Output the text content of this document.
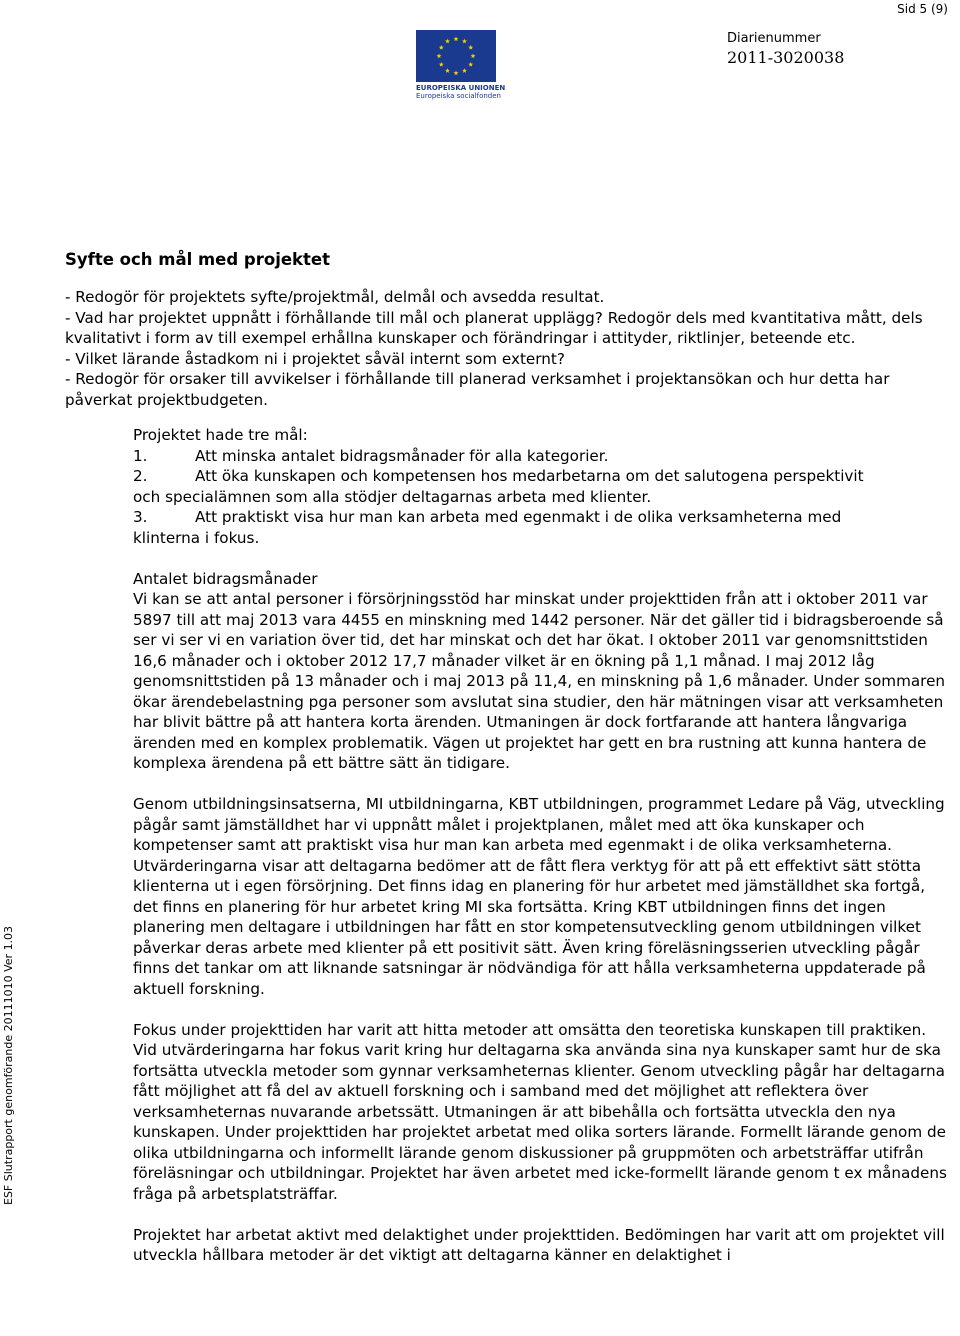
Sid 5 (9)
EUROPEISKA UNIONEN
Europeiska socialfonden
Diarienummer
2011-3020038
ESF Slutrapport genomförande 20111010 Ver 1.03
Syfte och mål med projektet

- Redogör för projektets syfte/projektmål, delmål och avsedda resultat.

- Vad har projektet uppnått i förhållande till mål och planerat upplägg? Redogör dels med kvantitativa mått, dels kvalitativt i form av till exempel erhållna kunskaper och förändringar i attityder, riktlinjer, beteende etc.

- Vilket lärande åstadkom ni i projektet såväl internt som externt?

- Redogör för orsaker till avvikelser i förhållande till planerad verksamhet i projektansökan och hur detta har påverkat projektbudgeten.

Projektet hade tre mål:
1.	Att minska antalet bidragsmånader för alla kategorier.
2.	Att öka kunskapen och kompetensen hos medarbetarna om det salutogena perspektivit

och specialämnen som alla stödjer deltagarnas arbeta med klienter.

3.	Att praktiskt visa hur man kan arbeta med egenmakt i de olika verksamheterna med

klinterna i fokus.

Antalet bidragsmånader

Vi kan se att antal personer i försörjningsstöd har minskat under projekttiden från att i oktober 2011 var 5897 till att maj 2013 vara 4455 en minskning med 1442 personer. När det gäller tid i bidragsberoende så ser vi ser vi en variation över tid, det har minskat och det har ökat. I oktober 2011 var genomsnittstiden 16,6 månader och i oktober 2012 17,7 månader vilket är en ökning på 1,1 månad. I maj 2012 låg genomsnittstiden på 13 månader och i maj 2013 på 11,4, en minskning på 1,6 månader. Under sommaren ökar ärendebelastning pga personer som avslutat sina studier, den här mätningen visar att verksamheten har blivit bättre på att hantera korta ärenden. Utmaningen är dock fortfarande att hantera långvariga ärenden med en komplex problematik. Vägen ut projektet har gett en bra rustning att kunna hantera de komplexa ärendena på ett bättre sätt än tidigare.

Genom utbildningsinsatserna, MI utbildningarna, KBT utbildningen, programmet Ledare på Väg, utveckling pågår samt jämställdhet har vi uppnått målet i projektplanen, målet med att öka kunskaper och kompetenser samt att praktiskt visa hur man kan arbeta med egenmakt i de olika verksamheterna. Utvärderingarna visar att deltagarna bedömer att de fått flera verktyg för att på ett effektivt sätt stötta klienterna ut i egen försörjning. Det finns idag en planering för hur arbetet med jämställdhet ska fortgå, det finns en planering för hur arbetet kring MI ska fortsätta. Kring KBT utbildningen finns det ingen planering men deltagare i utbildningen har fått en stor kompetensutveckling genom utbildningen vilket påverkar deras arbete med klienter på ett positivit sätt. Även kring föreläsningsserien utveckling pågår finns det tankar om att liknande satsningar är nödvändiga för att hålla verksamheterna uppdaterade på aktuell forskning.

Fokus under projekttiden har varit att hitta metoder att omsätta den teoretiska kunskapen till praktiken. Vid utvärderingarna har fokus varit kring hur deltagarna ska använda sina nya kunskaper samt hur de ska fortsätta utveckla metoder som gynnar verksamheternas klienter. Genom utveckling pågår har deltagarna fått möjlighet att få del av aktuell forskning och i samband med det möjlighet att reflektera över verksamheternas nuvarande arbetssätt. Utmaningen är att bibehålla och fortsätta utveckla den nya kunskapen. Under projekttiden har projektet arbetat med olika sorters lärande. Formellt lärande genom de olika utbildningarna och informellt lärande genom diskussioner på gruppmöten och arbetsträffar utifrån föreläsningar och utbildningar. Projektet har även arbetet med icke-formellt lärande genom t ex månadens fråga på arbetsplatsträffar.

Projektet har arbetat aktivt med delaktighet under projekttiden. Bedömingen har varit att om projektet vill utveckla hållbara metoder är det viktigt att deltagarna känner en delaktighet i
